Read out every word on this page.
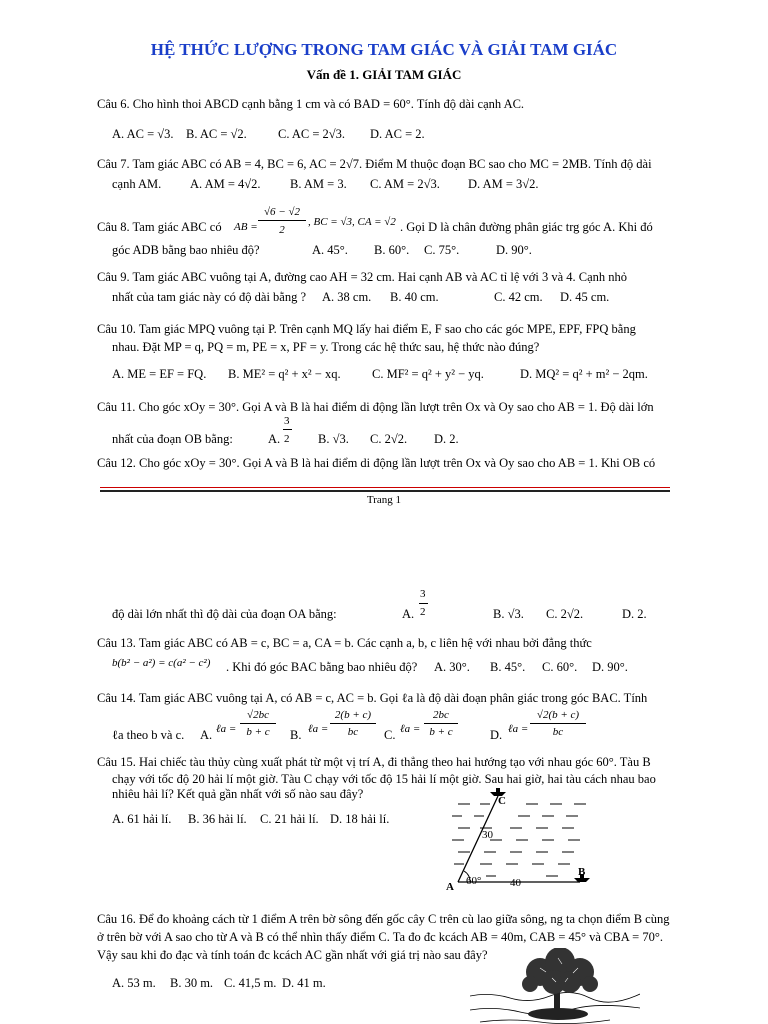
HỆ THỨC LƯỢNG TRONG TAM GIÁC VÀ GIẢI TAM GIÁC
Vấn đề 1. GIẢI TAM GIÁC
Câu 6. Cho hình thoi ABCD cạnh bằng 1 cm và có BAD = 60°. Tính độ dài cạnh AC.
A. AC = √3. B. AC = √2. C. AC = 2√3. D. AC = 2.
Câu 7. Tam giác ABC có AB = 4, BC = 6, AC = 2√7. Điểm M thuộc đoạn BC sao cho MC = 2MB. Tính độ dài
cạnh AM. A. AM = 4√2. B. AM = 3. C. AM = 2√3. D. AM = 3√2.
Câu 8. Tam giác ABC có AB =
√6 − √2
2
, BC = √3, CA = √2 . Gọi D là chân đường phân giác trg góc A. Khi đó
góc ADB bằng bao nhiêu độ?	A. 45°. B. 60°. C. 75°.	D. 90°.
Câu 9. Tam giác ABC vuông tại A, đường cao AH = 32 cm. Hai cạnh AB và AC tỉ lệ với 3 và 4. Cạnh nhỏ
nhất của tam giác này có độ dài bằng ? A. 38 cm. B. 40 cm.	C. 42 cm. D. 45 cm.
Câu 10. Tam giác MPQ vuông tại P. Trên cạnh MQ lấy hai điểm E, F sao cho các góc MPE, EPF, FPQ bằng
nhau. Đặt MP = q, PQ = m, PE = x, PF = y. Trong các hệ thức sau, hệ thức nào đúng?
A. ME = EF = FQ. B. ME² = q² + x² − xq.	C. MF² = q² + y² − yq.	D. MQ² = q² + m² − 2qm.
Câu 11. Cho góc xOy = 30°. Gọi A và B là hai điểm di động lần lượt trên Ox và Oy sao cho AB = 1. Độ dài lớn
nhất của đoạn OB bằng:	A.
3
2 B. √3. C. 2√2. D. 2.
Câu 12. Cho góc xOy = 30°. Gọi A và B là hai điểm di động lần lượt trên Ox và Oy sao cho AB = 1. Khi OB có
Trang 1
độ dài lớn nhất thì độ dài của đoạn OA bằng:	A.
3
2	B. √3. C. 2√2.	D. 2.
Câu 13. Tam giác ABC có AB = c, BC = a, CA = b. Các cạnh a, b, c liên hệ với nhau bởi đẳng thức
b(b² − a²) = c(a² − c²) . Khi đó góc BAC bằng bao nhiêu độ? A. 30°. B. 45°. C. 60°. D. 90°.
Câu 14. Tam giác ABC vuông tại A, có AB = c, AC = b. Gọi ℓa là độ dài đoạn phân giác trong góc BAC. Tính
ℓa theo b và c. A. ℓa =
√2bc
b + c	B. ℓa =
2(b + c)
bc	C. ℓa =
2bc
b + c	D. ℓa =
√2(b + c)
bc
Câu 15. Hai chiếc tàu thủy cùng xuất phát từ một vị trí A, đi thẳng theo hai hướng tạo với nhau góc 60°. Tàu B
chạy với tốc độ 20 hải lí một giờ. Tàu C chạy với tốc độ 15 hải lí một giờ. Sau hai giờ, hai tàu cách nhau bao
nhiêu hải lí? Kết quả gần nhất với số nào sau đây?
A. 61 hải lí. B. 36 hải lí. C. 21 hải lí. D. 18 hải lí.
C
30
60°
A	40
B
Câu 16. Để đo khoảng cách từ 1 điểm A trên bờ sông đến gốc cây C trên cù lao giữa sông, ng ta chọn điểm B cùng
ở trên bờ với A sao cho từ A và B có thể nhìn thấy điểm C. Ta đo đc kcách AB = 40m, CAB = 45° và CBA = 70°.
Vậy sau khi đo đạc và tính toán đc kcách AC gần nhất với giá trị nào sau đây?
A. 53 m. B. 30 m. C. 41,5 m. D. 41 m.
